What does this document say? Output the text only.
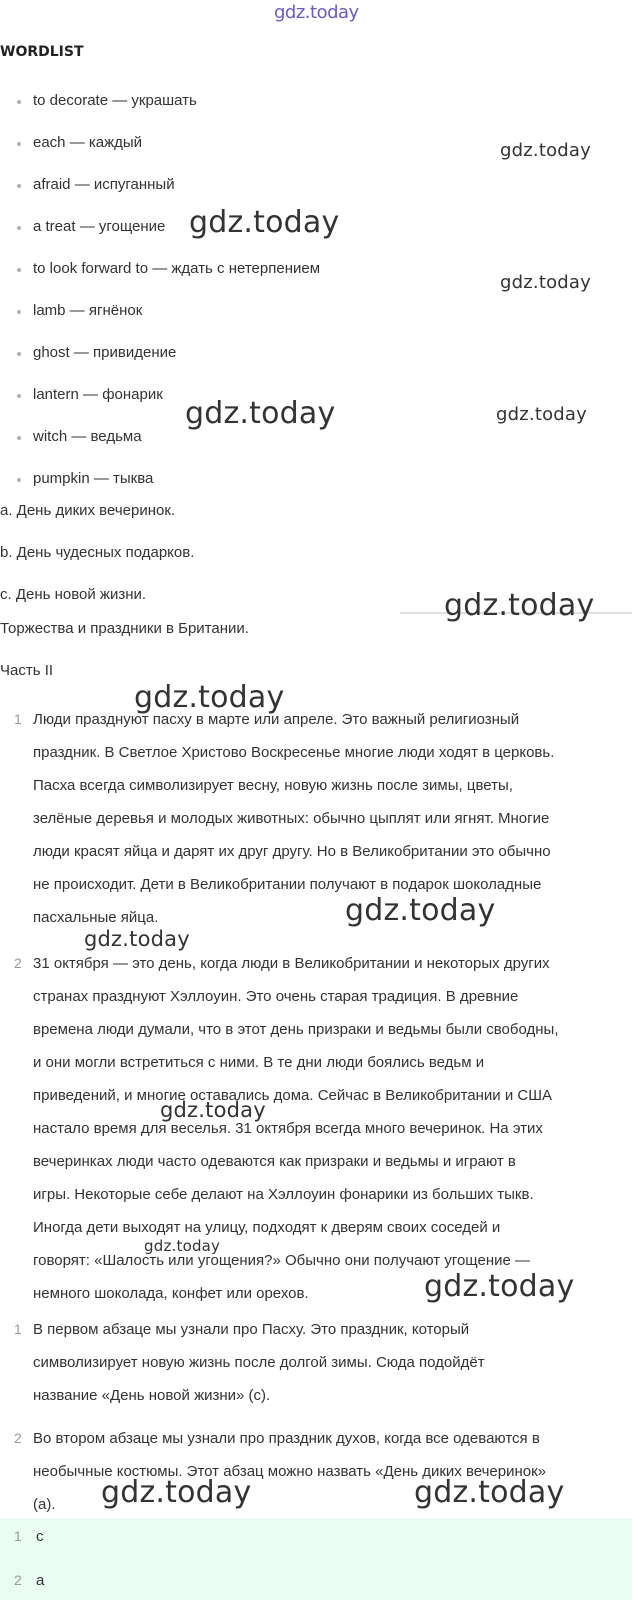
gdz.today
WORDLIST
to decorate — украшать
each — каждый
afraid — испуганный
a treat — угощение
to look forward to — ждать с нетерпением
lamb — ягнёнок
ghost — привидение
lantern — фонарик
witch — ведьма
pumpkin — тыква
a. День диких вечеринок.
b. День чудесных подарков.
c. День новой жизни.
Торжества и праздники в Британии.
Часть II
1 Люди празднуют пасху в марте или апреле. Это важный религиозный
праздник. В Светлое Христово Воскресенье многие люди ходят в церковь.
Пасха всегда символизирует весну, новую жизнь после зимы, цветы,
зелёные деревья и молодых животных: обычно цыплят или ягнят. Многие
люди красят яйца и дарят их друг другу. Но в Великобритании это обычно
не происходит. Дети в Великобритании получают в подарок шоколадные
пасхальные яйца.
2 31 октября — это день, когда люди в Великобритании и некоторых других
странах празднуют Хэллоуин. Это очень старая традиция. В древние
времена люди думали, что в этот день призраки и ведьмы были свободны,
и они могли встретиться с ними. В те дни люди боялись ведьм и
приведений, и многие оставались дома. Сейчас в Великобритании и США
настало время для веселья. 31 октября всегда много вечеринок. На этих
вечеринках люди часто одеваются как призраки и ведьмы и играют в
игры. Некоторые себе делают на Хэллоуин фонарики из больших тыкв.
Иногда дети выходят на улицу, подходят к дверям своих соседей и
говорят: «Шалость или угощения?» Обычно они получают угощение —
немного шоколада, конфет или орехов.
1 В первом абзаце мы узнали про Пасху. Это праздник, который
символизирует новую жизнь после долгой зимы. Сюда подойдёт
название «День новой жизни» (c).
2 Во втором абзаце мы узнали про праздник духов, когда все одеваются в
необычные костюмы. Этот абзац можно назвать «День диких вечеринок»
(a).
1 c
2 a
gdz.today
gdz.today
gdz.today
gdz.today	gdz.today
gdz.today
gdz.today
gdz.today
gdz.today
gdz.today
gdz.today
gdz.today
gdz.today	gdz.today
